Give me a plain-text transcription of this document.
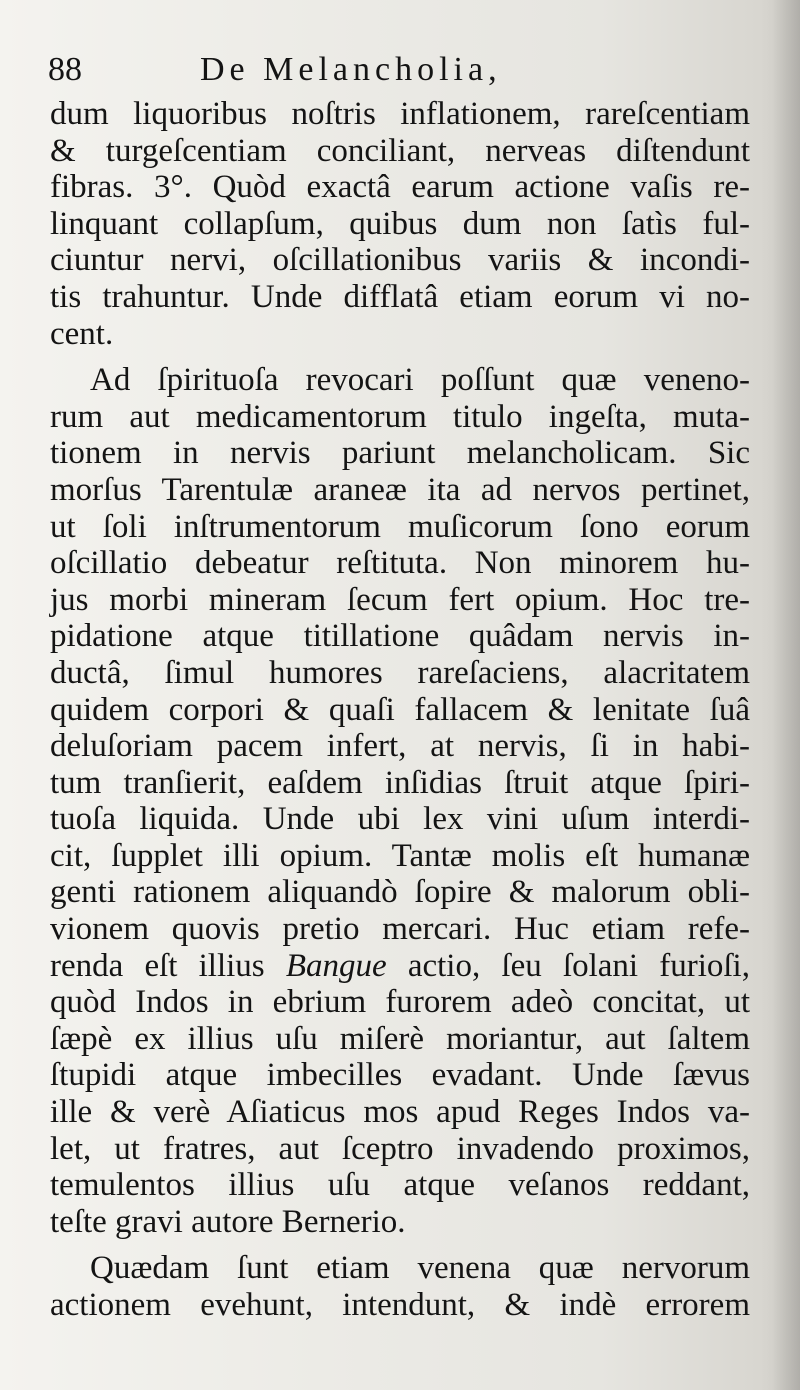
88	De Melancholia,
dum liquoribus noſtris inflationem, rareſcentiam
& turgeſcentiam conciliant, nerveas diſtendunt
fibras. 3°. Quòd exactâ earum actione vaſis re-
linquant collapſum, quibus dum non ſatìs ful-
ciuntur nervi, oſcillationibus variis & incondi-
tis trahuntur. Unde difflatâ etiam eorum vi no-
cent.
Ad ſpirituoſa revocari poſſunt quæ veneno-
rum aut medicamentorum titulo ingeſta, muta-
tionem in nervis pariunt melancholicam. Sic
morſus Tarentulæ araneæ ita ad nervos pertinet,
ut ſoli inſtrumentorum muſicorum ſono eorum
oſcillatio debeatur reſtituta. Non minorem hu-
jus morbi mineram ſecum fert opium. Hoc tre-
pidatione atque titillatione quâdam nervis in-
ductâ, ſimul humores rareſaciens, alacritatem
quidem corpori & quaſi fallacem & lenitate ſuâ
deluſoriam pacem infert, at nervis, ſi in habi-
tum tranſierit, eaſdem inſidias ſtruit atque ſpiri-
tuoſa liquida. Unde ubi lex vini uſum interdi-
cit, ſupplet illi opium. Tantæ molis eſt humanæ
genti rationem aliquandò ſopire & malorum obli-
vionem quovis pretio mercari. Huc etiam refe-
renda eſt illius Bangue actio, ſeu ſolani furioſi,
quòd Indos in ebrium furorem adeò concitat, ut
ſæpè ex illius uſu miſerè moriantur, aut ſaltem
ſtupidi atque imbecilles evadant. Unde ſævus
ille & verè Aſiaticus mos apud Reges Indos va-
let, ut fratres, aut ſceptro invadendo proximos,
temulentos illius uſu atque veſanos reddant,
teſte gravi autore Bernerio.
Quædam ſunt etiam venena quæ nervorum
actionem evehunt, intendunt, & indè errorem
